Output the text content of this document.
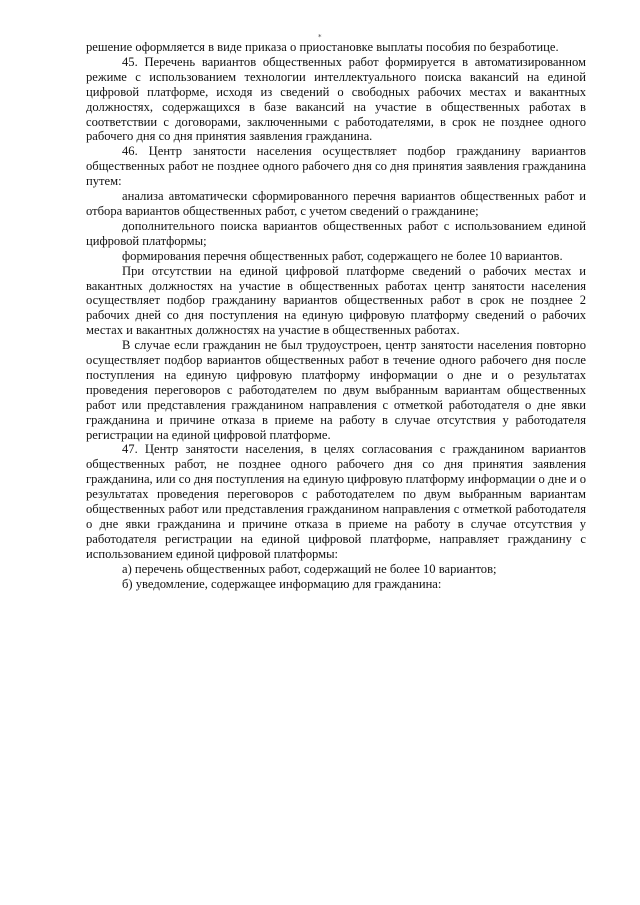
*

решение оформляется в виде приказа о приостановке выплаты пособия по безработице.

45. Перечень вариантов общественных работ формируется в автоматизированном режиме с использованием технологии интеллектуального поиска вакансий на единой цифровой платформе, исходя из сведений о свободных рабочих местах и вакантных должностях, содержащихся в базе вакансий на участие в общественных работах в соответствии с договорами, заключенными с работодателями, в срок не позднее одного рабочего дня со дня принятия заявления гражданина.

46. Центр занятости населения осуществляет подбор гражданину вариантов общественных работ не позднее одного рабочего дня со дня принятия заявления гражданина путем:

анализа автоматически сформированного перечня вариантов общественных работ и отбора вариантов общественных работ, с учетом сведений о гражданине;

дополнительного поиска вариантов общественных работ с использованием единой цифровой платформы;

формирования перечня общественных работ, содержащего не более 10 вариантов.

При отсутствии на единой цифровой платформе сведений о рабочих местах и вакантных должностях на участие в общественных работах центр занятости населения осуществляет подбор гражданину вариантов общественных работ в срок не позднее 2 рабочих дней со дня поступления на единую цифровую платформу сведений о рабочих местах и вакантных должностях на участие в общественных работах.

В случае если гражданин не был трудоустроен, центр занятости населения повторно осуществляет подбор вариантов общественных работ в течение одного рабочего дня после поступления на единую цифровую платформу информации о дне и о результатах проведения переговоров с работодателем по двум выбранным вариантам общественных работ или представления гражданином направления с отметкой работодателя о дне явки гражданина и причине отказа в приеме на работу в случае отсутствия у работодателя регистрации на единой цифровой платформе.

47. Центр занятости населения, в целях согласования с гражданином вариантов общественных работ, не позднее одного рабочего дня со дня принятия заявления гражданина, или со дня поступления на единую цифровую платформу информации о дне и о результатах проведения переговоров с работодателем по двум выбранным вариантам общественных работ или представления гражданином направления с отметкой работодателя о дне явки гражданина и причине отказа в приеме на работу в случае отсутствия у работодателя регистрации на единой цифровой платформе, направляет гражданину с использованием единой цифровой платформы:

а) перечень общественных работ, содержащий не более 10 вариантов;

б) уведомление, содержащее информацию для гражданина:
